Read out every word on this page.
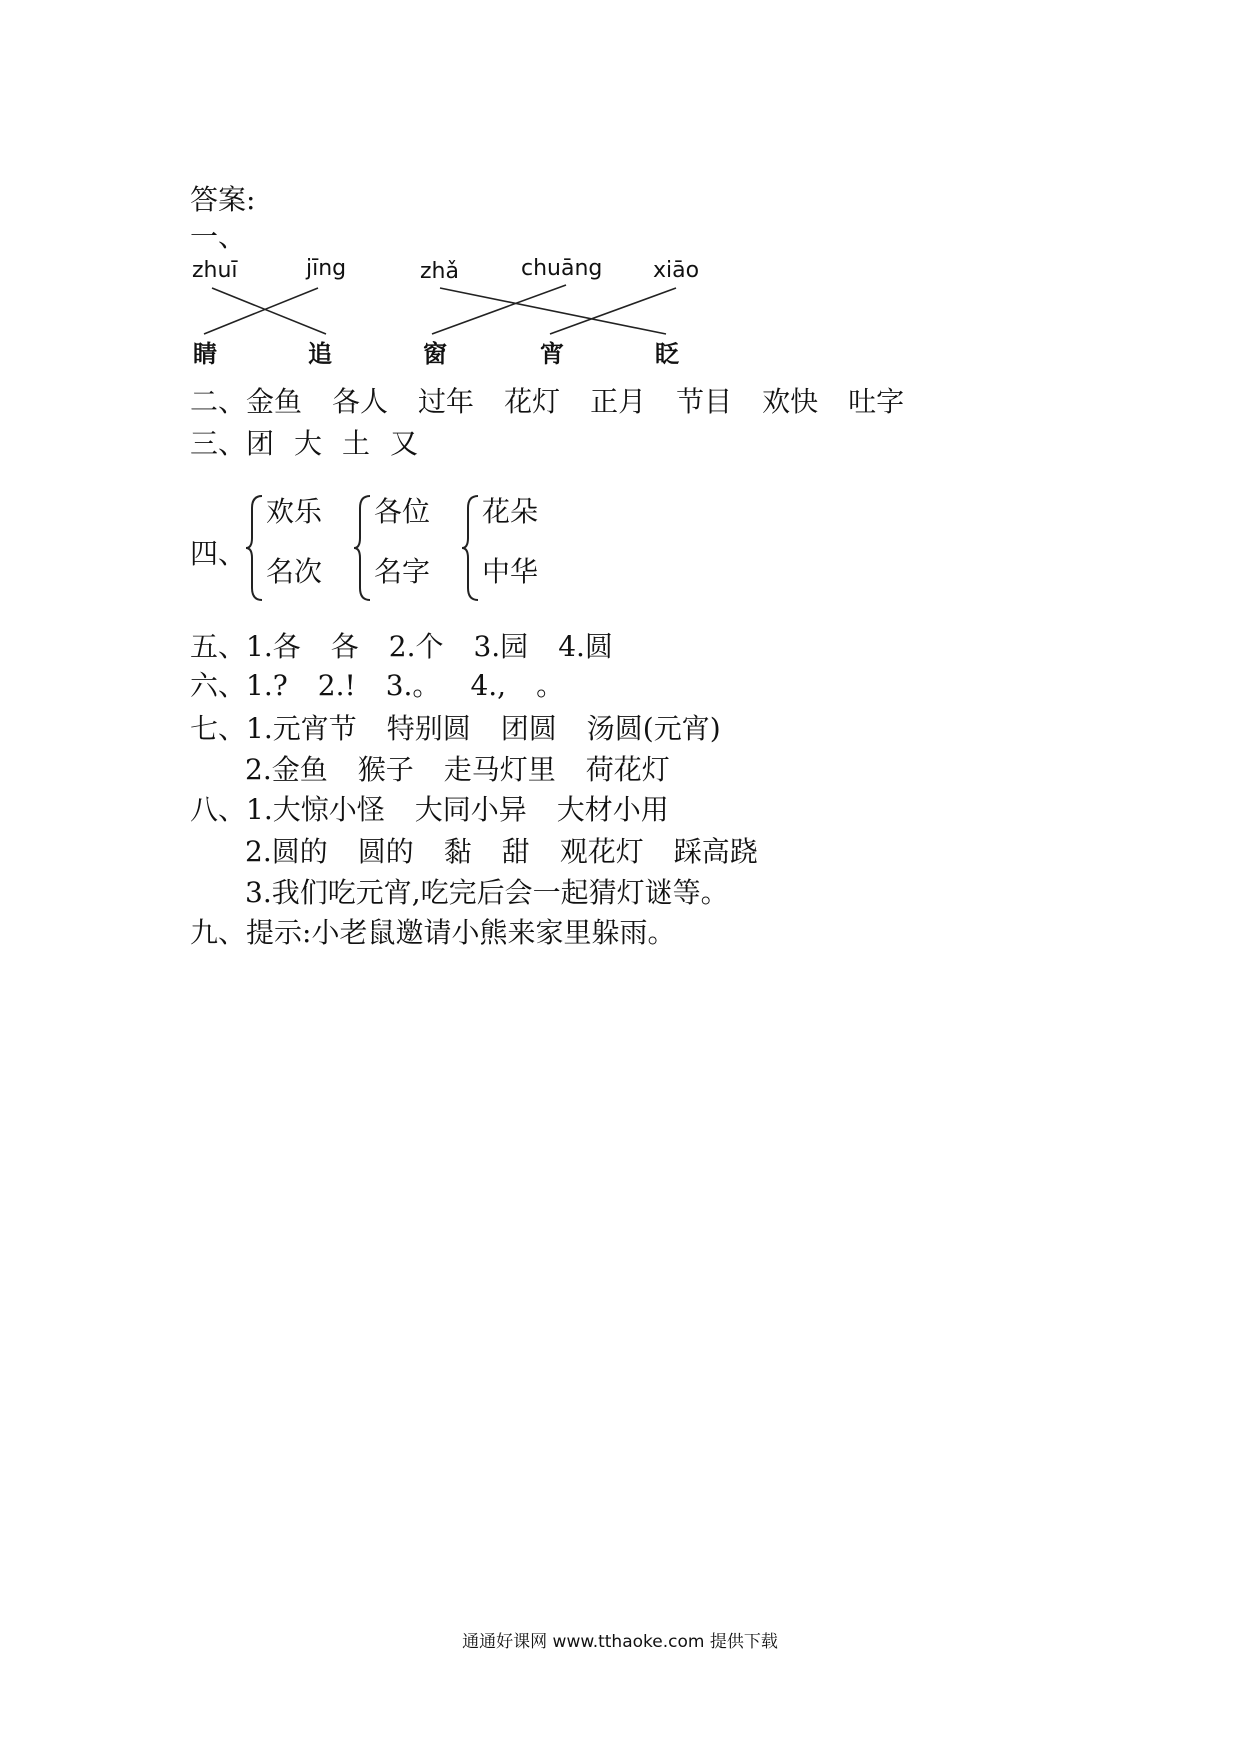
答案:
一、
zhuī	jīng	zhǎ	chuāng xiāo
睛	追	窗	宵	眨
二、金鱼 各人 过年 花灯 正月 节目 欢快 吐字
三、团 大 土 又
四、
欢乐
名次
各位
名字
花朵
中华
五、1.各 各 2.个 3.园 4.圆
六、1.? 2.! 3.。 4., 。
七、1.元宵节 特别圆 团圆 汤圆(元宵)
2.金鱼 猴子 走马灯里 荷花灯
八、1.大惊小怪 大同小异 大材小用
2.圆的 圆的 黏 甜 观花灯 踩高跷
3.我们吃元宵,吃完后会一起猜灯谜等。
九、提示:小老鼠邀请小熊来家里躲雨。
通通好课网 www.tthaoke.com 提供下载
